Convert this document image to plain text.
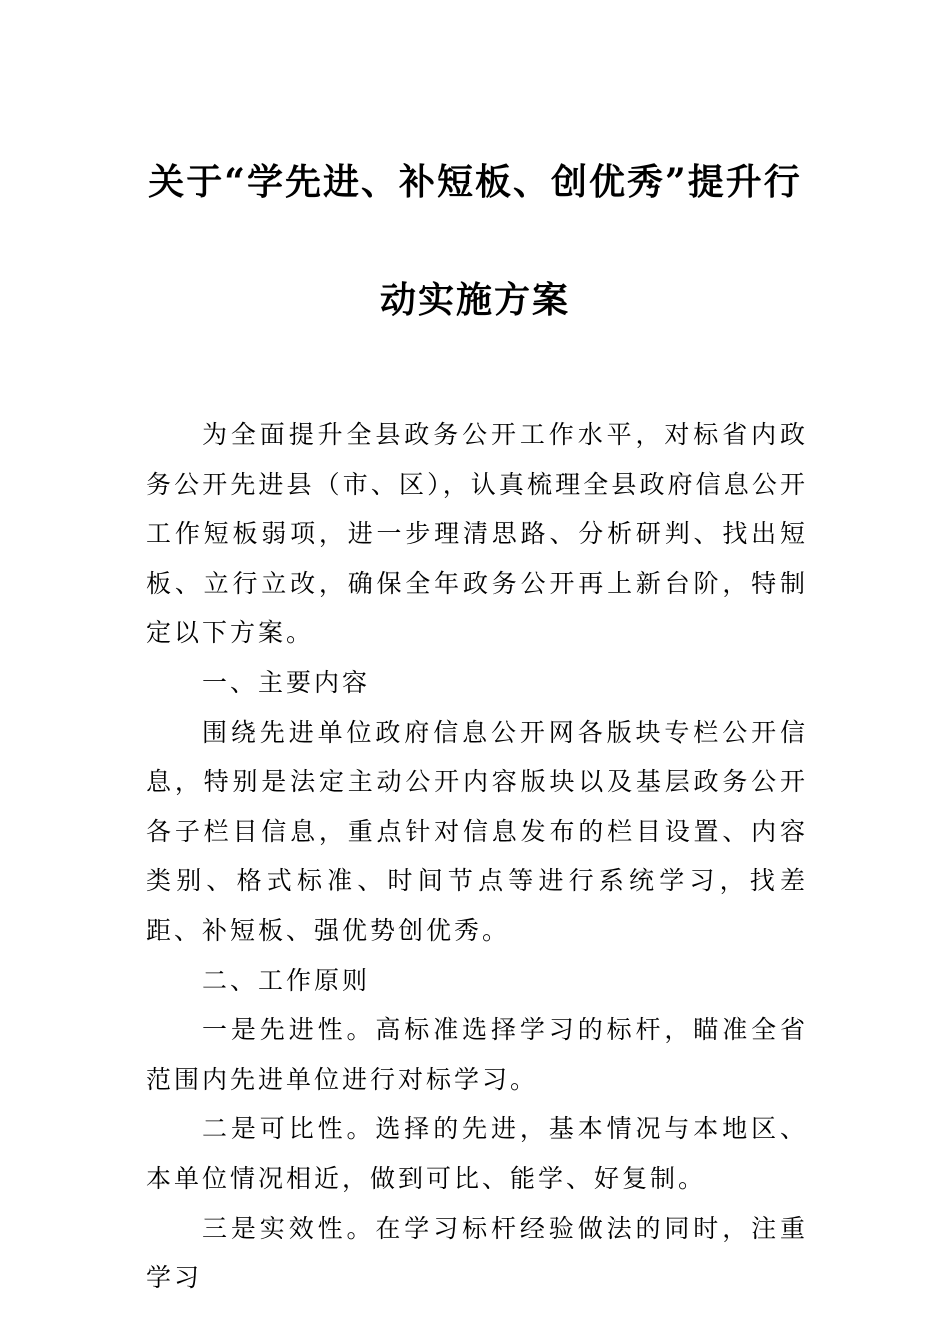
关于“学先进、补短板、创优秀”提升行
动实施方案

为全面提升全县政务公开工作水平，对标省内政务公开先进县（市、区），认真梳理全县政府信息公开工作短板弱项，进一步理清思路、分析研判、找出短板、立行立改，确保全年政务公开再上新台阶，特制定以下方案。

一、主要内容

围绕先进单位政府信息公开网各版块专栏公开信息，特别是法定主动公开内容版块以及基层政务公开各子栏目信息，重点针对信息发布的栏目设置、内容类别、格式标准、时间节点等进行系统学习，找差距、补短板、强优势创优秀。

二、工作原则

一是先进性。高标准选择学习的标杆，瞄准全省范围内先进单位进行对标学习。

二是可比性。选择的先进，基本情况与本地区、本单位情况相近，做到可比、能学、好复制。

三是实效性。在学习标杆经验做法的同时，注重学习
